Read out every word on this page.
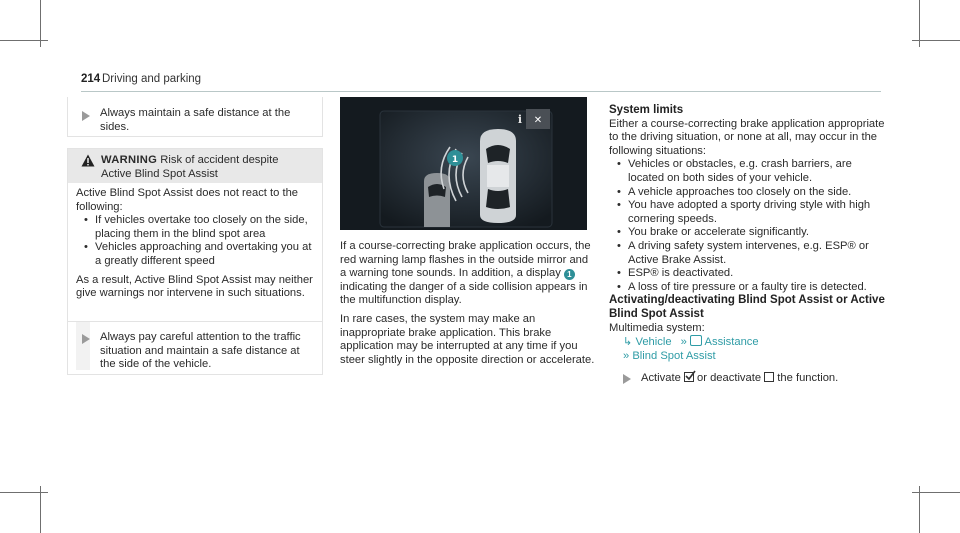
214 Driving and parking
Always maintain a safe distance at the sides.
WARNING Risk of accident despite
Active Blind Spot Assist
Active Blind Spot Assist does not react to the following:
• If vehicles overtake too closely on the side, placing them in the blind spot area
• Vehicles approaching and overtaking you at a greatly different speed
As a result, Active Blind Spot Assist may neither give warnings nor intervene in such situations.
Always pay careful attention to the traffic situation and maintain a safe distance at the side of the vehicle.
✕
i
1
If a course-correcting brake application occurs, the red warning lamp flashes in the outside mirror and a warning tone sounds. In addition, a display 1 indicating the danger of a side collision appears in the multifunction display.
In rare cases, the system may make an inappropriate brake application. This brake application may be interrupted at any time if you steer slightly in the opposite direction or accelerate.
System limits
Either a course-correcting brake application appropriate to the driving situation, or none at all, may occur in the following situations:
• Vehicles or obstacles, e.g. crash barriers, are located on both sides of your vehicle.
• A vehicle approaches too closely on the side.
• You have adopted a sporty driving style with high cornering speeds.
• You brake or accelerate significantly.
• A driving safety system intervenes, e.g. ESP® or Active Brake Assist.
• ESP® is deactivated.
• A loss of tire pressure or a faulty tire is detected.
Activating/deactivating Blind Spot Assist or Active Blind Spot Assist
Multimedia system:
↳ Vehicle » Assistance
» Blind Spot Assist
Activate or deactivate the function.
